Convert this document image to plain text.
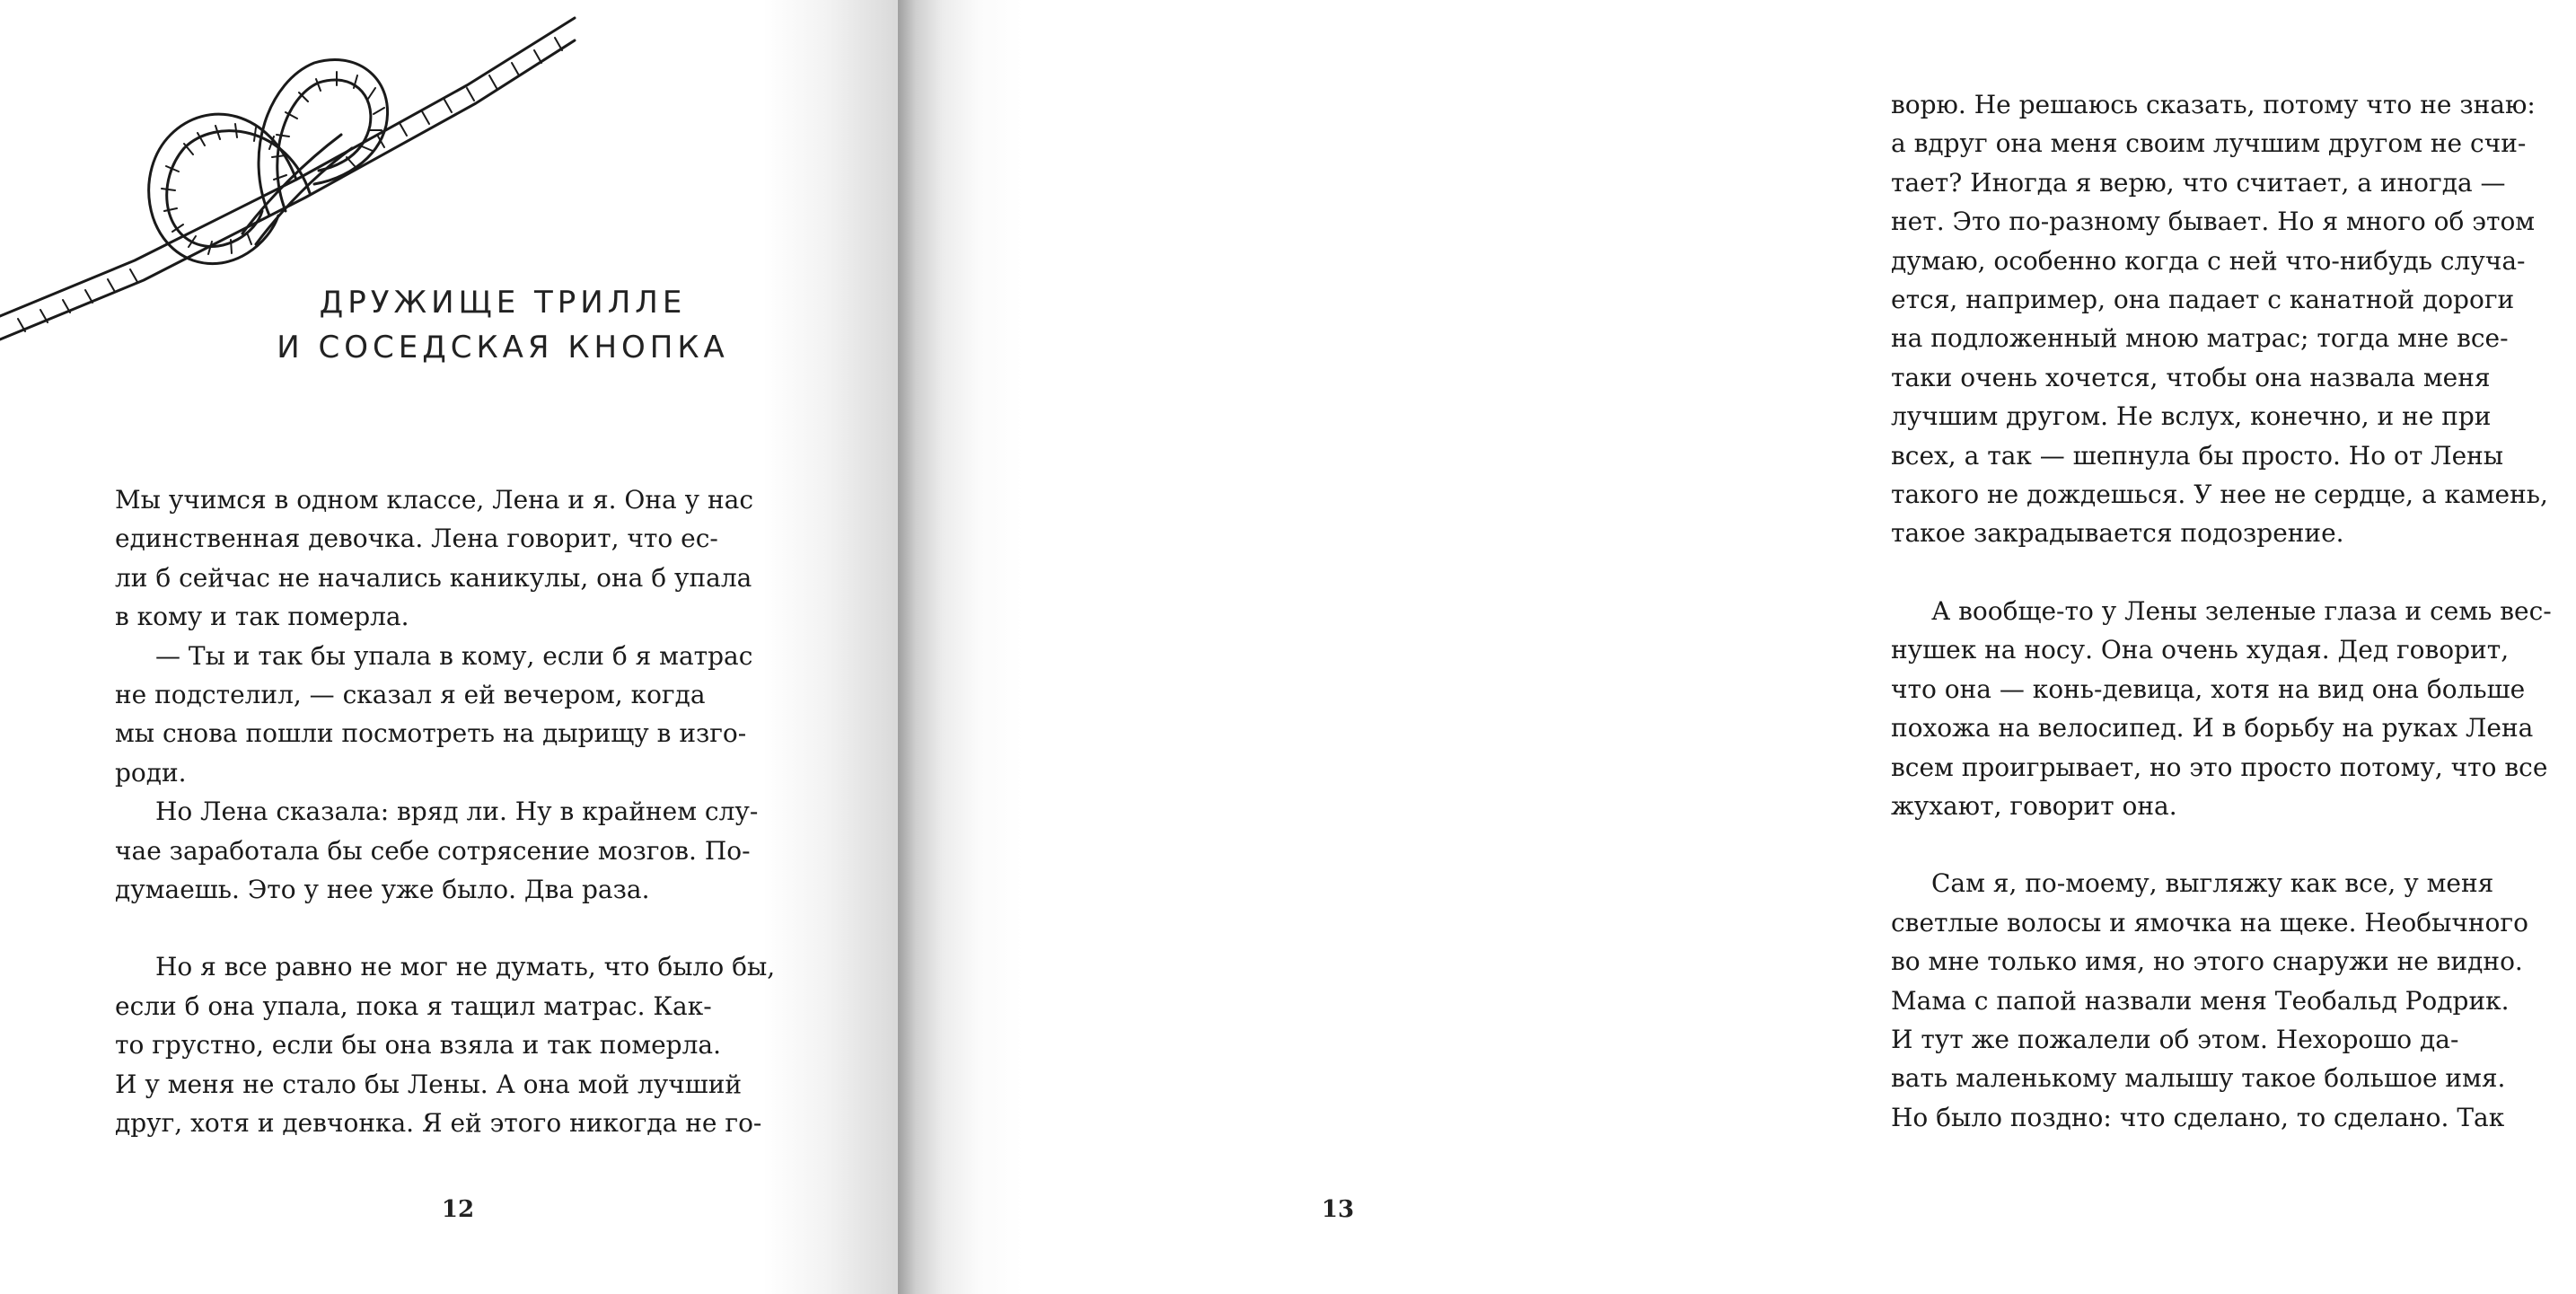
ДРУЖИЩЕ ТРИЛЛЕ
И СОСЕДСКАЯ КНОПКА

Мы учимся в одном классе, Лена и я. Она у нас

единственная девочка. Лена говорит, что ес-

ли б сейчас не начались каникулы, она б упала

в кому и так померла.

— Ты и так бы упала в кому, если б я матрас

не подстелил, — сказал я ей вечером, когда

мы снова пошли посмотреть на дырищу в изго-

роди.

Но Лена сказала: вряд ли. Ну в крайнем слу-

чае заработала бы себе сотрясение мозгов. По-

думаешь. Это у нее уже было. Два раза.

Но я все равно не мог не думать, что было бы,

если б она упала, пока я тащил матрас. Как-

то грустно, если бы она взяла и так померла.

И у меня не стало бы Лены. А она мой лучший

друг, хотя и девчонка. Я ей этого никогда не го-

12

ворю. Не решаюсь сказать, потому что не знаю:

а вдруг она меня своим лучшим другом не счи-

тает? Иногда я верю, что считает, а иногда —

нет. Это по-разному бывает. Но я много об этом

думаю, особенно когда с ней что-нибудь случа-

ется, например, она падает с канатной дороги

на подложенный мною матрас; тогда мне все-

таки очень хочется, чтобы она назвала меня

лучшим другом. Не вслух, конечно, и не при

всех, а так — шепнула бы просто. Но от Лены

такого не дождешься. У нее не сердце, а камень,

такое закрадывается подозрение.

А вообще-то у Лены зеленые глаза и семь вес-

нушек на носу. Она очень худая. Дед говорит,

что она — конь-девица, хотя на вид она больше

похожа на велосипед. И в борьбу на руках Лена

всем проигрывает, но это просто потому, что все

жухают, говорит она.

Сам я, по-моему, выгляжу как все, у меня

светлые волосы и ямочка на щеке. Необычного

во мне только имя, но этого снаружи не видно.

Мама с папой назвали меня Теобальд Родрик.

И тут же пожалели об этом. Нехорошо да-

вать маленькому малышу такое большое имя.

Но было поздно: что сделано, то сделано. Так

13
